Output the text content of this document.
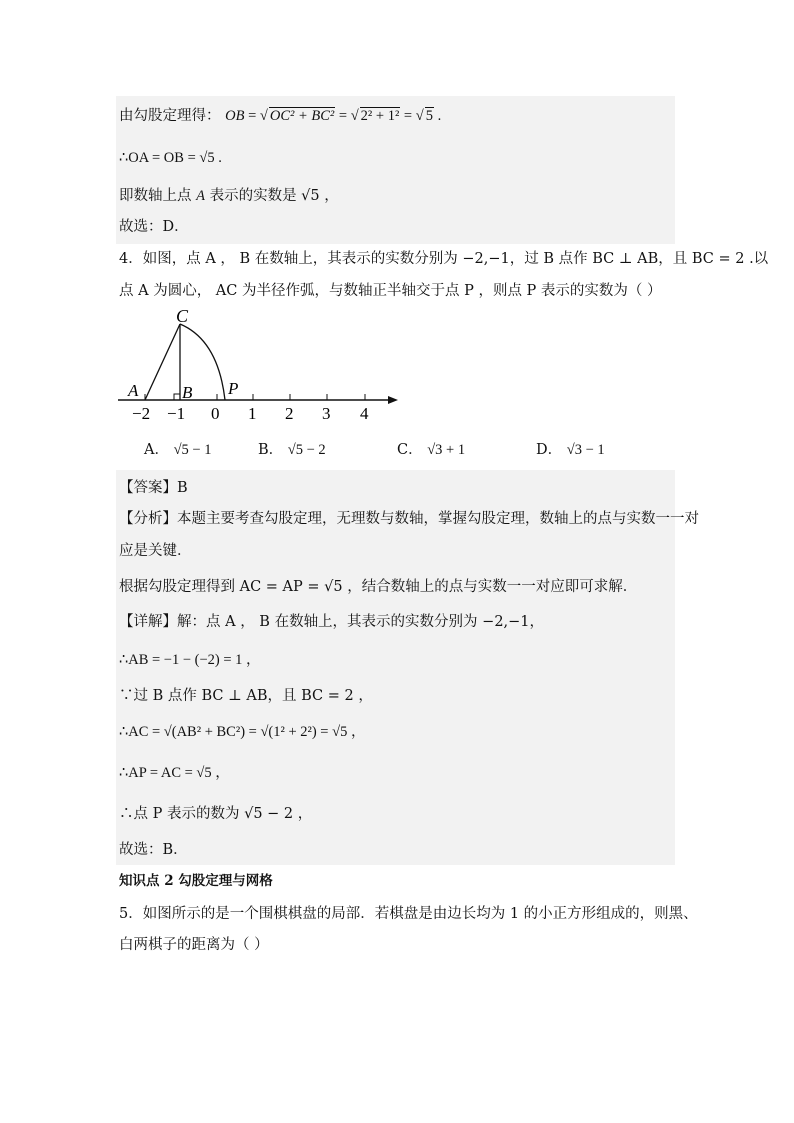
由勾股定理得： OB = √ OC² + BC² = √ 2² + 1² = √ 5 .
∴OA = OB = √5 .
即数轴上点 A 表示的实数是 √5 ，
故选：D．
4．如图，点 A ， B 在数轴上，其表示的实数分别为 −2,−1，过 B 点作 BC ⊥ AB，且 BC = 2 .以
点 A 为圆心， AC 为半径作弧，与数轴正半轴交于点 P ，则点 P 表示的实数为（ ）
C
A	B P
−2 −1 0 1 2 3 4
A． √5 − 1	B． √5 − 2	C． √3 + 1	D． √3 − 1
【答案】B
【分析】本题主要考查勾股定理，无理数与数轴，掌握勾股定理，数轴上的点与实数一一对
应是关键．
根据勾股定理得到 AC = AP = √5 ，结合数轴上的点与实数一一对应即可求解．
【详解】解：点 A ， B 在数轴上，其表示的实数分别为 −2,−1，
∴AB = −1 − (−2) = 1 ，
∵过 B 点作 BC ⊥ AB，且 BC = 2 ，
∴AC = √(AB² + BC²) = √(1² + 2²) = √5 ，
∴AP = AC = √5 ，
∴点 P 表示的数为 √5 − 2 ，
故选：B．
知识点 2 勾股定理与网格
5．如图所示的是一个围棋棋盘的局部．若棋盘是由边长均为 1 的小正方形组成的，则黑、
白两棋子的距离为（ ）
